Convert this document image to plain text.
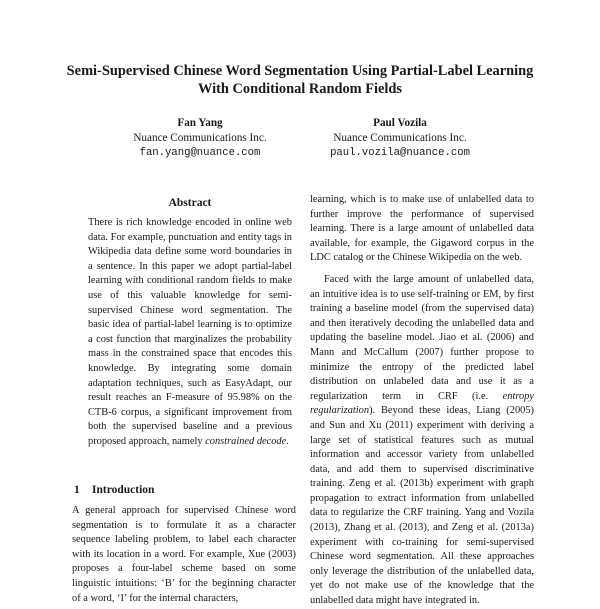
Semi-Supervised Chinese Word Segmentation Using Partial-Label Learning With Conditional Random Fields
Fan Yang
Nuance Communications Inc.
fan.yang@nuance.com
Paul Vozila
Nuance Communications Inc.
paul.vozila@nuance.com
Abstract

There is rich knowledge encoded in online web data. For example, punctuation and entity tags in Wikipedia data define some word boundaries in a sentence. In this paper we adopt partial-label learning with conditional random fields to make use of this valuable knowledge for semi-supervised Chinese word segmentation. The basic idea of partial-label learning is to optimize a cost function that marginalizes the probability mass in the constrained space that encodes this knowledge. By integrating some domain adaptation techniques, such as EasyAdapt, our result reaches an F-measure of 95.98% on the CTB-6 corpus, a significant improvement from both the supervised baseline and a previous proposed approach, namely constrained decode.

1 Introduction

A general approach for supervised Chinese word segmentation is to formulate it as a character sequence labeling problem, to label each character with its location in a word. For example, Xue (2003) proposes a four-label scheme based on some linguistic intuitions: ‘B’ for the beginning character of a word, ‘I’ for the internal characters,

learning, which is to make use of unlabelled data to further improve the performance of supervised learning. There is a large amount of unlabelled data available, for example, the Gigaword corpus in the LDC catalog or the Chinese Wikipedia on the web.

Faced with the large amount of unlabelled data, an intuitive idea is to use self-training or EM, by first training a baseline model (from the supervised data) and then iteratively decoding the unlabelled data and updating the baseline model. Jiao et al. (2006) and Mann and McCallum (2007) further propose to minimize the entropy of the predicted label distribution on unlabeled data and use it as a regularization term in CRF (i.e. entropy regularization). Beyond these ideas, Liang (2005) and Sun and Xu (2011) experiment with deriving a large set of statistical features such as mutual information and accessor variety from unlabelled data, and add them to supervised discriminative training. Zeng et al. (2013b) experiment with graph propagation to extract information from unlabelled data to regularize the CRF training. Yang and Vozila (2013), Zhang et al. (2013), and Zeng et al. (2013a) experiment with co-training for semi-supervised Chinese word segmentation. All these approaches only leverage the distribution of the unlabelled data, yet do not make use of the knowledge that the unlabelled data might have integrated in.
